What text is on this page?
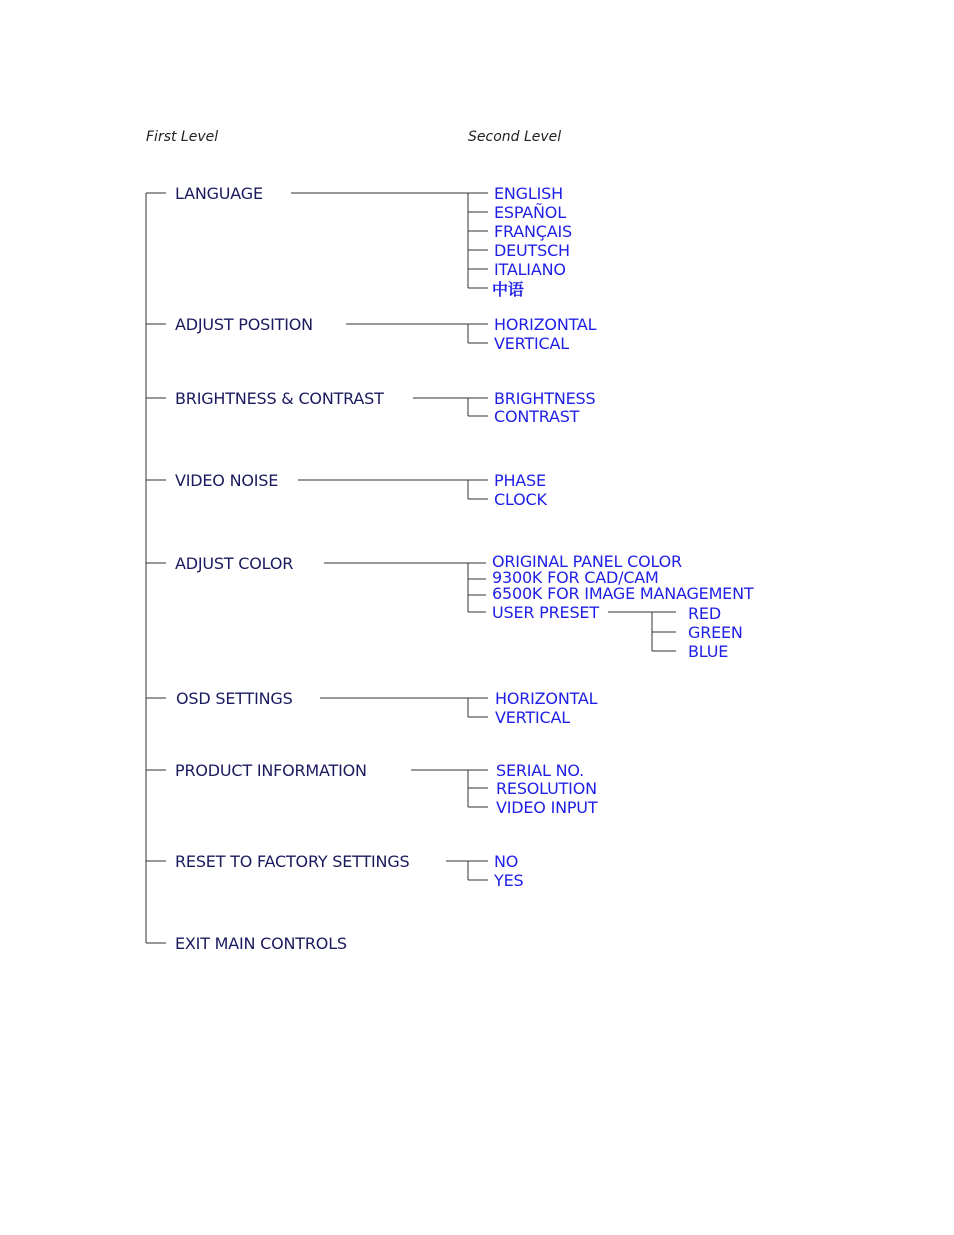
First Level	Second Level
LANGUAGE
ADJUST POSITION
BRIGHTNESS & CONTRAST
VIDEO NOISE
ADJUST COLOR
OSD SETTINGS
PRODUCT INFORMATION
RESET TO FACTORY SETTINGS
EXIT MAIN CONTROLS
ENGLISH
ESPAÑOL
FRANÇAIS
DEUTSCH
ITALIANO
中语
HORIZONTAL
VERTICAL
BRIGHTNESS
CONTRAST
PHASE
CLOCK
ORIGINAL PANEL COLOR
9300K FOR CAD/CAM
6500K FOR IMAGE MANAGEMENT
USER PRESET	RED
GREEN
BLUE
HORIZONTAL
VERTICAL
SERIAL NO.
RESOLUTION
VIDEO INPUT
NO
YES
